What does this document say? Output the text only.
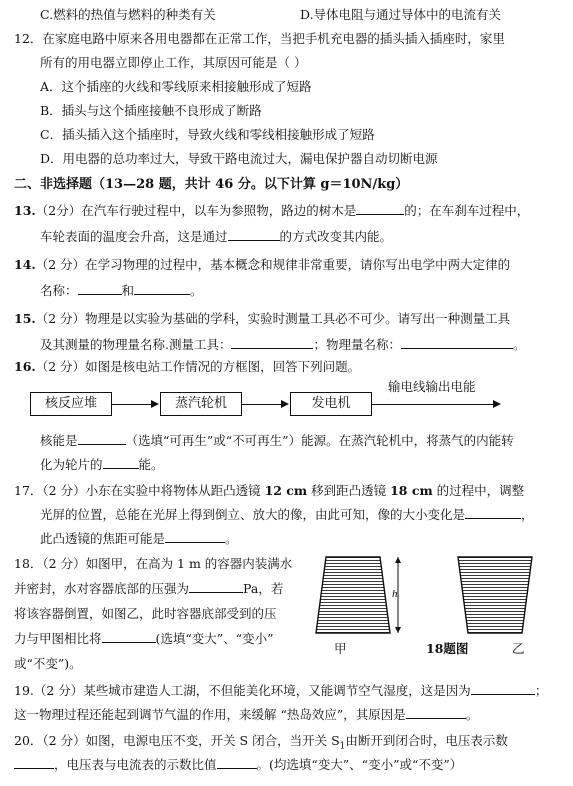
C.燃料的热值与燃料的种类有关	D.导体电阻与通过导体中的电流有关
12．在家庭电路中原来各用电器都在正常工作，当把手机充电器的插头插入插座时，家里
所有的用电器立即停止工作，其原因可能是（ ）
A．这个插座的火线和零线原来相接触形成了短路
B．插头与这个插座接触不良形成了断路
C．插头插入这个插座时，导致火线和零线相接触形成了短路
D．用电器的总功率过大，导致干路电流过大，漏电保护器自动切断电源
二、非选择题（13—28 题，共计 46 分。以下计算 g＝10N/kg）
13.（2分）在汽车行驶过程中，以车为参照物，路边的树木是	的；在车刹车过程中，
车轮表面的温度会升高，这是通过	的方式改变其内能。
14.（2 分）在学习物理的过程中，基本概念和规律非常重要，请你写出电学中两大定律的
名称：	和	。
15.（2 分）物理是以实验为基础的学科，实验时测量工具必不可少。请写出一种测量工具
及其测量的物理量名称.测量工具：	；物理量名称：	。
16.（2 分）如图是核电站工作情况的方框图，回答下列问题。
核反应堆	蒸汽轮机	发电机
输电线输出电能
核能是	（选填“可再生”或“不可再生”）能源。在蒸汽轮机中，将蒸气的内能转
化为轮片的	能。
17．（2 分）小东在实验中将物体从距凸透镜 12 cm 移到距凸透镜 18 cm 的过程中，调整
光屏的位置，总能在光屏上得到倒立、放大的像，由此可知，像的大小变化是	，
此凸透镜的焦距可能是	。
18．（2 分）如图甲，在高为 1 m 的容器内装满水
并密封，水对容器底部的压强为	Pa，若
将该容器倒置，如图乙，此时容器底部受到的压
力与甲图相比将	(选填“变大”、“变小”
或“不变”)。
h
甲	18题图	乙
19.（2 分）某些城市建造人工湖，不但能美化环境，又能调节空气湿度，这是因为	；
这一物理过程还能起到调节气温的作用，来缓解 “热岛效应”，其原因是	。
20．（2 分）如图，电源电压不变，开关 S 闭合，当开关 $S_1$由断开到闭合时，电压表示数
，电压表与电流表的示数比值	。(均选填“变大”、“变小”或“不变”）
